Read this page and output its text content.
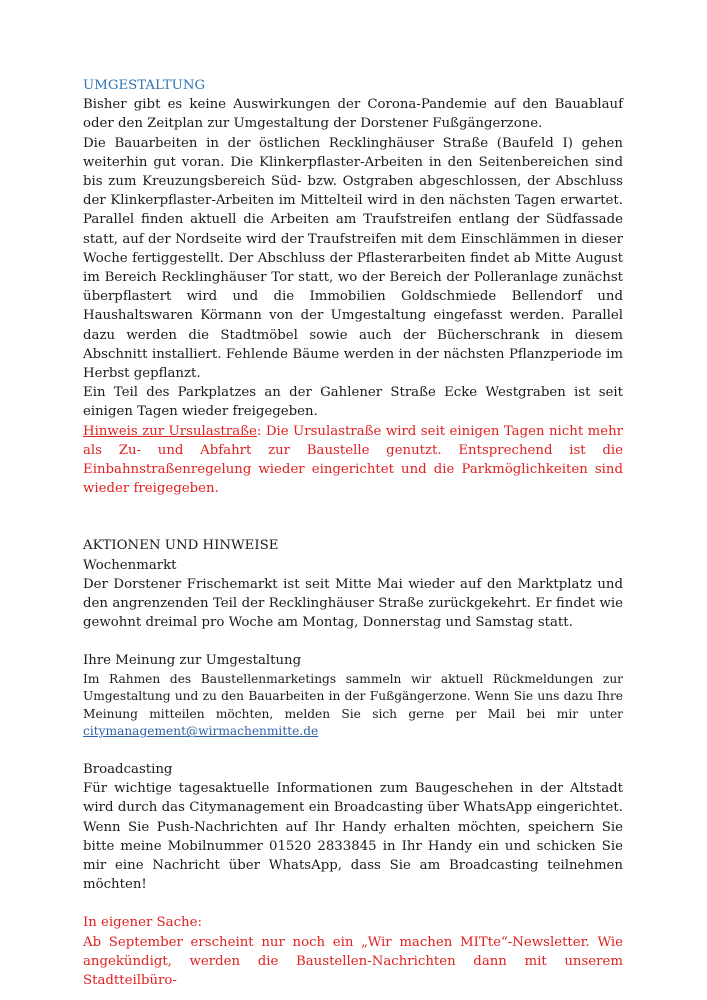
UMGESTALTUNG

Bisher gibt es keine Auswirkungen der Corona-Pandemie auf den Bauablauf oder den Zeitplan zur Umgestaltung der Dorstener Fußgängerzone.

Die Bauarbeiten in der östlichen Recklinghäuser Straße (Baufeld I) gehen weiterhin gut voran. Die Klinkerpflaster-Arbeiten in den Seitenbereichen sind bis zum Kreuzungsbereich Süd- bzw. Ostgraben abgeschlossen, der Abschluss der Klinkerpflaster-Arbeiten im Mittelteil wird in den nächsten Tagen erwartet. Parallel finden aktuell die Arbeiten am Traufstreifen entlang der Südfassade statt, auf der Nordseite wird der Traufstreifen mit dem Einschlämmen in dieser Woche fertiggestellt. Der Abschluss der Pflasterarbeiten findet ab Mitte August im Bereich Recklinghäuser Tor statt, wo der Bereich der Polleranlage zunächst überpflastert wird und die Immobilien Goldschmiede Bellendorf und Haushaltswaren Körmann von der Umgestaltung eingefasst werden. Parallel dazu werden die Stadtmöbel sowie auch der Bücherschrank in diesem Abschnitt installiert. Fehlende Bäume werden in der nächsten Pflanzperiode im Herbst gepflanzt.

Ein Teil des Parkplatzes an der Gahlener Straße Ecke Westgraben ist seit einigen Tagen wieder freigegeben.

Hinweis zur Ursulastraße: Die Ursulastraße wird seit einigen Tagen nicht mehr als Zu- und Abfahrt zur Baustelle genutzt. Entsprechend ist die Einbahnstraßenregelung wieder eingerichtet und die Parkmöglichkeiten sind wieder freigegeben.

AKTIONEN UND HINWEISE

Wochenmarkt

Der Dorstener Frischemarkt ist seit Mitte Mai wieder auf den Marktplatz und den angrenzenden Teil der Recklinghäuser Straße zurückgekehrt. Er findet wie gewohnt dreimal pro Woche am Montag, Donnerstag und Samstag statt.

Ihre Meinung zur Umgestaltung

Im Rahmen des Baustellenmarketings sammeln wir aktuell Rückmeldungen zur Umgestaltung und zu den Bauarbeiten in der Fußgängerzone. Wenn Sie uns dazu Ihre Meinung mitteilen möchten, melden Sie sich gerne per Mail bei mir unter citymanagement@wirmachenmitte.de

Broadcasting

Für wichtige tagesaktuelle Informationen zum Baugeschehen in der Altstadt wird durch das Citymanagement ein Broadcasting über WhatsApp eingerichtet. Wenn Sie Push-Nachrichten auf Ihr Handy erhalten möchten, speichern Sie bitte meine Mobilnummer 01520 2833845 in Ihr Handy ein und schicken Sie mir eine Nachricht über WhatsApp, dass Sie am Broadcasting teilnehmen möchten!

In eigener Sache:

Ab September erscheint nur noch ein „Wir machen MITte“-Newsletter. Wie angekündigt, werden die Baustellen-Nachrichten dann mit unserem Stadtteilbüro-
